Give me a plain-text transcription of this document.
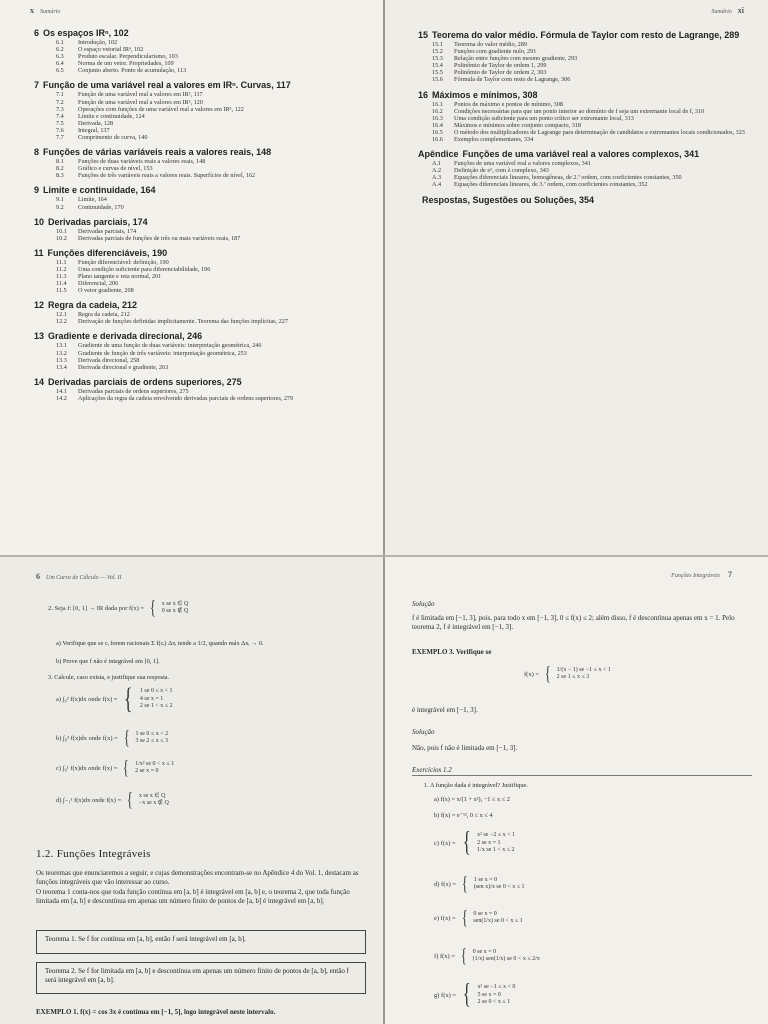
x Sumário
6 Os espaços IRⁿ, 102
6.1	Introdução, 102
6.2	O espaço vetorial IRⁿ, 102
6.3	Produto escalar. Perpendicularismo, 103
6.4	Norma de um vetor. Propriedades, 109
6.5	Conjunto aberto. Ponto de acumulação, 113
7 Função de uma variável real a valores em IRⁿ. Curvas, 117
7.1	Função de uma variável real a valores em IR², 117
7.2	Função de uma variável real a valores em IR³, 120
7.3	Operações com funções de uma variável real a valores em IRⁿ, 122
7.4	Limite e continuidade, 124
7.5	Derivada, 128
7.6	Integral, 137
7.7	Comprimento de curva, 140
8 Funções de várias variáveis reais a valores reais, 148
8.1	Funções de duas variáveis reais a valores reais, 148
8.2	Gráfico e curvas de nível, 153
8.3	Funções de três variáveis reais a valores reais. Superfícies de nível, 162
9 Limite e continuidade, 164
9.1	Limite, 164
9.2	Continuidade, 170
10 Derivadas parciais, 174
10.1	Derivadas parciais, 174
10.2	Derivadas parciais de funções de três ou mais variáveis reais, 187
11 Funções diferenciáveis, 190
11.1	Função diferenciável: definição, 190
11.2	Uma condição suficiente para diferenciabilidade, 196
11.3	Plano tangente e reta normal, 201
11.4	Diferencial, 206
11.5	O vetor gradiente, 208
12 Regra da cadeia, 212
12.1	Regra da cadeia, 212
12.2	Derivação de funções definidas implicitamente. Teorema das funções implícitas, 227
13 Gradiente e derivada direcional, 246
13.1	Gradiente de uma função de duas variáveis: interpretação geométrica, 246
13.2	Gradiente de função de três variáveis: interpretação geométrica, 253
13.3	Derivada direcional, 258
13.4	Derivada direcional e gradiente, 263
14 Derivadas parciais de ordens superiores, 275
14.1	Derivadas parciais de ordens superiores, 275
14.2	Aplicações da regra da cadeia envolvendo derivadas parciais de ordens superiores, 279
Sumário xi
15 Teorema do valor médio. Fórmula de Taylor com resto de Lagrange, 289
15.1	Teorema do valor médio, 289
15.2	Funções com gradiente nulo, 291
15.3	Relação entre funções com mesmo gradiente, 293
15.4	Polinômio de Taylor de ordem 1, 299
15.5	Polinômio de Taylor de ordem 2, 303
15.6	Fórmula de Taylor com resto de Lagrange, 306
16 Máximos e mínimos, 308
16.1	Pontos de máximo e pontos de mínimo, 308
16.2	Condições necessárias para que um ponto interior ao domínio de f seja um extremante local de f, 310
16.3	Uma condição suficiente para um ponto crítico ser extremante local, 313
16.4	Máximos e mínimos sobre conjunto compacto, 318
16.5	O método dos multiplicadores de Lagrange para determinação de candidatos a extremantes locais condicionados, 323
16.6	Exemplos complementares, 334
Apêndice Funções de uma variável real a valores complexos, 341
A.1	Funções de uma variável real a valores complexos, 341
A.2	Definição de eᶦᵗ, com λ complexo, 343
A.3	Equações diferenciais lineares, homogêneas, de 2.ª ordem, com coeficientes constantes, 350
A.4	Equações diferenciais lineares, de 3.ª ordem, com coeficientes constantes, 352
Respostas, Sugestões ou Soluções, 354
6 Um Curso de Cálculo — Vol. II
2. Seja f: [0, 1] → IR dada por f(x) = { x se x ∈ Q
0 se x ∉ Q
a) Verifique que se cᵢ forem racionais Σ f(cᵢ) Δxᵢ tende a 1/2, quando máx Δxᵢ → 0.
b) Prove que f não é integrável em [0, 1].
3. Calcule, caso exista, e justifique sua resposta.
a) ∫₀² f(x)dx onde f(x) = { 1 se 0 ≤ x < 1
4 se x = 1
2 se 1 < x ≤ 2
b) ∫₀³ f(x)dx onde f(x) = { 1 se 0 ≤ x < 2
3 se 2 ≤ x ≤ 3
c) ∫₀¹ f(x)dx onde f(x) = { 1/x² se 0 < x ≤ 1
2 se x = 0
d) ∫₋₁¹ f(x)dx onde f(x) = { x se x ∈ Q
−x se x ∉ Q
1.2. Funções Integráveis
Os teoremas que enunciaremos a seguir, e cujas demonstrações encontram-se no Apêndice 4 do Vol. 1, destacam as funções integráveis que vão interessar ao curso.
O teorema 1 conta-nos que toda função contínua em [a, b] é integrável em [a, b] e, o teorema 2, que toda função limitada em [a, b] e descontínua em apenas um número finito de pontos de [a, b] é integrável em [a, b].
Teorema 1. Se f for contínua em [a, b], então f será integrável em [a, b].
Teorema 2. Se f for limitada em [a, b] e descontínua em apenas um número finito de pontos de [a, b], então f será integrável em [a, b].
EXEMPLO 1. f(x) = cos 3x é contínua em [−1, 5], logo integrável neste intervalo.
Funções Integráveis 7
Solução
f é limitada em [−1, 3], pois, para todo x em [−1, 3], 0 ≤ f(x) ≤ 2; além disso, f é descontínua apenas em x = 1. Pelo teorema 2, f é integrável em [−1, 3].
EXEMPLO 3. Verifique se
f(x) = { 1/(x − 1) se −1 ≤ x < 1
2 se 1 ≤ x ≤ 3
é integrável em [−1, 3].
Solução
Não, pois f não é limitada em [−1, 3].
Exercícios 1.2
1. A função dada é integrável? Justifique.
a) f(x) = x/(1 + x²), −1 ≤ x ≤ 2
b) f(x) = e⁻ˣ², 0 ≤ x ≤ 4
c) f(x) = { x² se −2 ≤ x < 1
2 se x = 1
1/x se 1 < x ≤ 2
d) f(x) = { 1 se x = 0
(sen x)/x se 0 < x ≤ 1
e) f(x) = { 0 se x = 0
sen(1/x) se 0 < x ≤ 1
f) f(x) = { 0 se x = 0
(1/x) sen(1/x) se 0 < x ≤ 2/π
g) f(x) = { x² se −1 ≤ x < 0
5 se x = 0
2 se 0 < x ≤ 1
